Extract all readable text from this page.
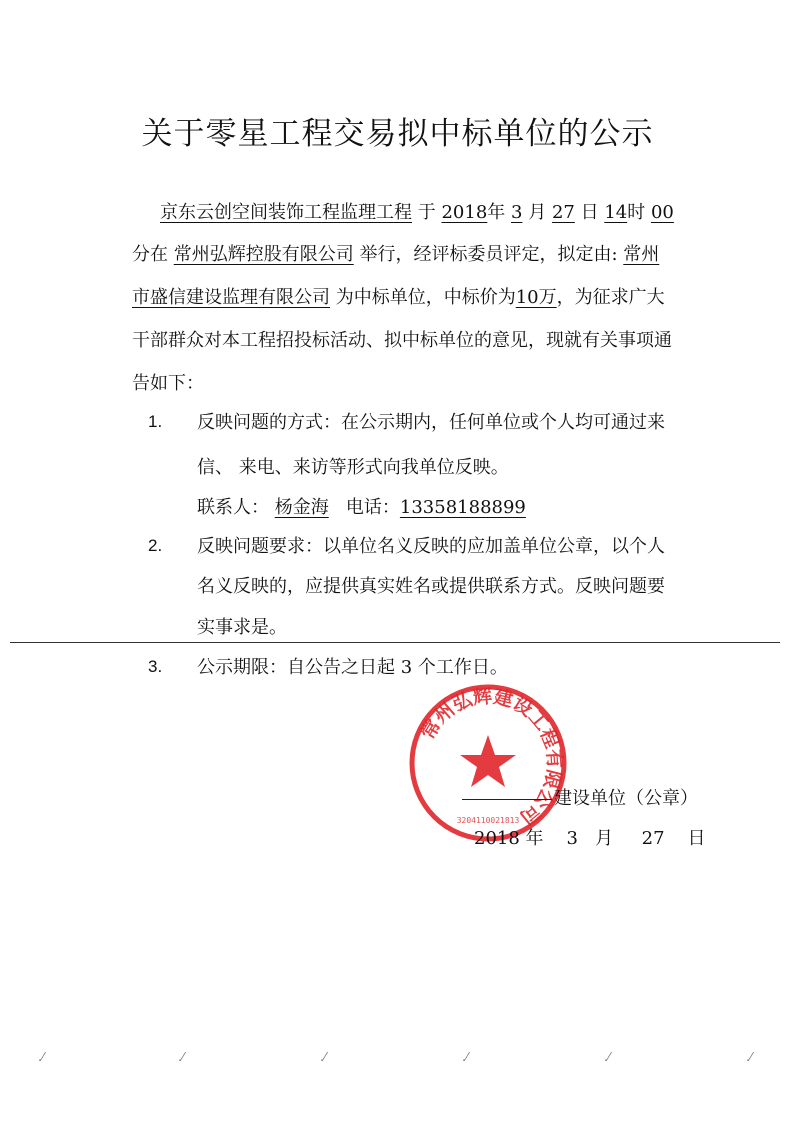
关于零星工程交易拟中标单位的公示
京东云创空间装饰工程监理工程 于 2018年 3 月 27 日 14时 00
分在 常州弘辉控股有限公司 举行，经评标委员评定，拟定由: 常州
市盛信建设监理有限公司 为中标单位，中标价为10万，为征求广大
干部群众对本工程招投标活动、拟中标单位的意见，现就有关事项通
告如下：
1. 反映问题的方式：在公示期内，任何单位或个人均可通过来
信、 来电、来访等形式向我单位反映。
联系人： 杨金海 电话：13358188899
2. 反映问题要求：以单位名义反映的应加盖单位公章，以个人
名义反映的，应提供真实姓名或提供联系方式。反映问题要
实事求是。
3. 公示期限：自公告之日起 3 个工作日。
常州弘辉建设工程有限公司
3204110021813
建设单位（公章）
2018 年 3 月 27 日
.⁄	.⁄	.⁄	.⁄	.⁄	.⁄
